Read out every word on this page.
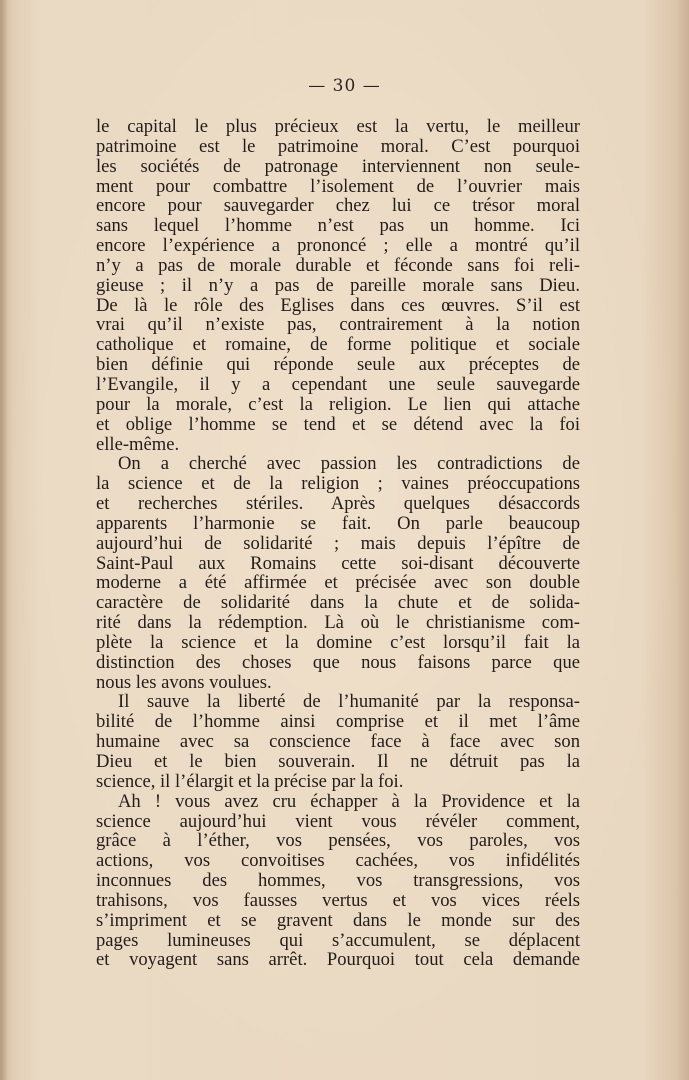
— 30 —

le capital le plus précieux est la vertu, le meilleur
patrimoine est le patrimoine moral. C’est pourquoi
les sociétés de patronage interviennent non seule-
ment pour combattre l’isolement de l’ouvrier mais
encore pour sauvegarder chez lui ce trésor moral
sans lequel l’homme n’est pas un homme. Ici
encore l’expérience a prononcé ; elle a montré qu’il
n’y a pas de morale durable et féconde sans foi reli-
gieuse ; il n’y a pas de pareille morale sans Dieu.
De là le rôle des Eglises dans ces œuvres. S’il est
vrai qu’il n’existe pas, contrairement à la notion
catholique et romaine, de forme politique et sociale
bien définie qui réponde seule aux préceptes de
l’Evangile, il y a cependant une seule sauvegarde
pour la morale, c’est la religion. Le lien qui attache
et oblige l’homme se tend et se détend avec la foi
elle-même.

On a cherché avec passion les contradictions de
la science et de la religion ; vaines préoccupations
et recherches stériles. Après quelques désaccords
apparents l’harmonie se fait. On parle beaucoup
aujourd’hui de solidarité ; mais depuis l’épître de
Saint-Paul aux Romains cette soi-disant découverte
moderne a été affirmée et précisée avec son double
caractère de solidarité dans la chute et de solida-
rité dans la rédemption. Là où le christianisme com-
plète la science et la domine c’est lorsqu’il fait la
distinction des choses que nous faisons parce que
nous les avons voulues.

Il sauve la liberté de l’humanité par la responsa-
bilité de l’homme ainsi comprise et il met l’âme
humaine avec sa conscience face à face avec son
Dieu et le bien souverain. Il ne détruit pas la
science, il l’élargit et la précise par la foi.

Ah ! vous avez cru échapper à la Providence et la
science aujourd’hui vient vous révéler comment,
grâce à l’éther, vos pensées, vos paroles, vos
actions, vos convoitises cachées, vos infidélités
inconnues des hommes, vos transgressions, vos
trahisons, vos fausses vertus et vos vices réels
s’impriment et se gravent dans le monde sur des
pages lumineuses qui s’accumulent, se déplacent
et voyagent sans arrêt. Pourquoi tout cela demande
